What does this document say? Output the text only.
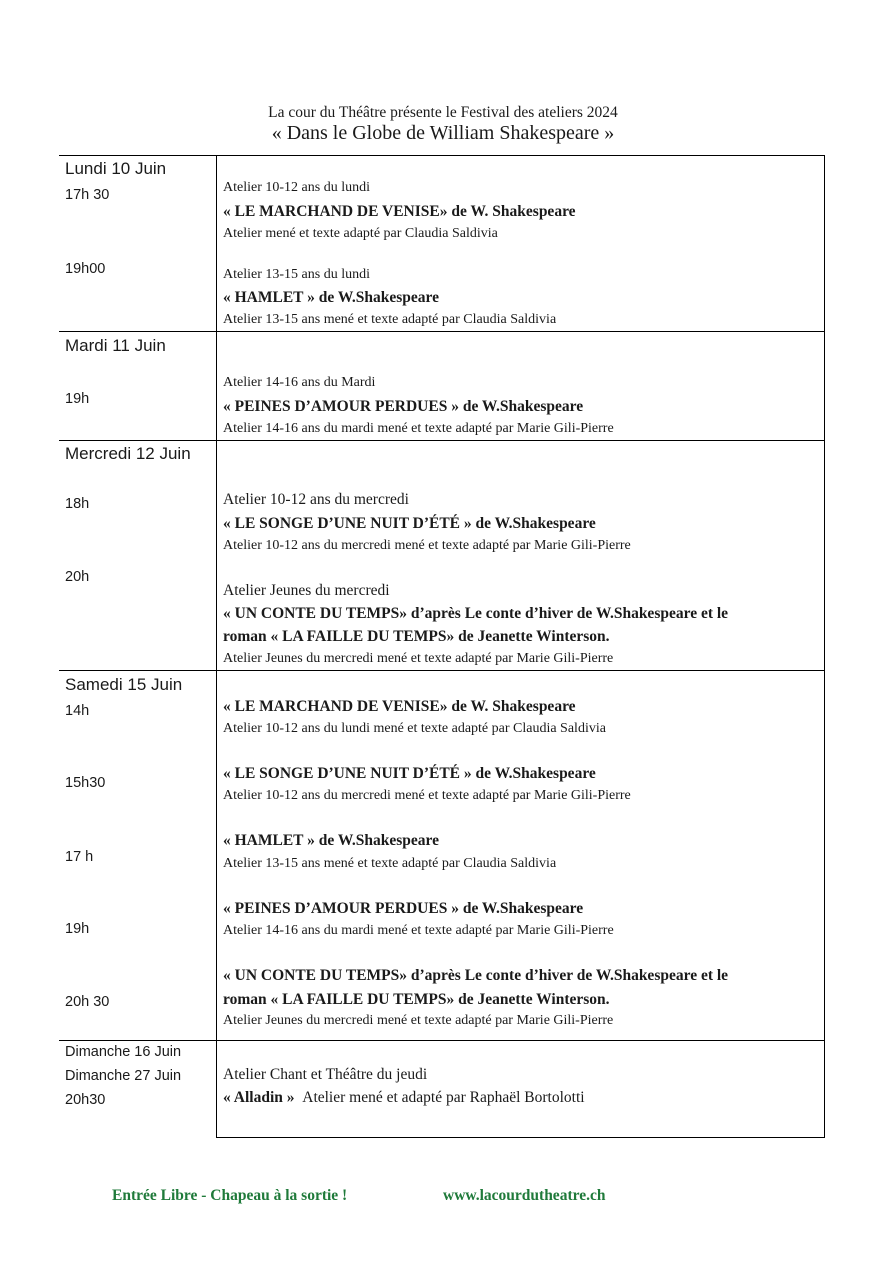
La cour du Théâtre présente le Festival des ateliers 2024
« Dans le Globe de William Shakespeare »
Lundi 10 Juin
17h 30
19h00
Atelier 10-12 ans du lundi
« LE MARCHAND DE VENISE» de W. Shakespeare
Atelier mené et texte adapté par Claudia Saldivia
Atelier 13-15 ans du lundi
« HAMLET » de W.Shakespeare
Atelier 13-15 ans mené et texte adapté par Claudia Saldivia
Mardi 11 Juin
19h
Atelier 14-16 ans du Mardi
« PEINES D’AMOUR PERDUES » de W.Shakespeare
Atelier 14-16 ans du mardi mené et texte adapté par Marie Gili-Pierre
Mercredi 12 Juin
18h
20h
Atelier 10-12 ans du mercredi
« LE SONGE D’UNE NUIT D’ÉTÉ » de W.Shakespeare
Atelier 10-12 ans du mercredi mené et texte adapté par Marie Gili-Pierre
Atelier Jeunes du mercredi
« UN CONTE DU TEMPS» d’après Le conte d’hiver de W.Shakespeare et le
roman « LA FAILLE DU TEMPS» de Jeanette Winterson.
Atelier Jeunes du mercredi mené et texte adapté par Marie Gili-Pierre
Samedi 15 Juin
14h
15h30
17 h
19h
20h 30
« LE MARCHAND DE VENISE» de W. Shakespeare
Atelier 10-12 ans du lundi mené et texte adapté par Claudia Saldivia
« LE SONGE D’UNE NUIT D’ÉTÉ » de W.Shakespeare
Atelier 10-12 ans du mercredi mené et texte adapté par Marie Gili-Pierre
« HAMLET » de W.Shakespeare
Atelier 13-15 ans mené et texte adapté par Claudia Saldivia
« PEINES D’AMOUR PERDUES » de W.Shakespeare
Atelier 14-16 ans du mardi mené et texte adapté par Marie Gili-Pierre
« UN CONTE DU TEMPS» d’après Le conte d’hiver de W.Shakespeare et le
roman « LA FAILLE DU TEMPS» de Jeanette Winterson.
Atelier Jeunes du mercredi mené et texte adapté par Marie Gili-Pierre
Dimanche 16 Juin
Dimanche 27 Juin
20h30
Atelier Chant et Théâtre du jeudi
« Alladin » Atelier mené et adapté par Raphaël Bortolotti
Entrée Libre - Chapeau à la sortie !	www.lacourdutheatre.ch
